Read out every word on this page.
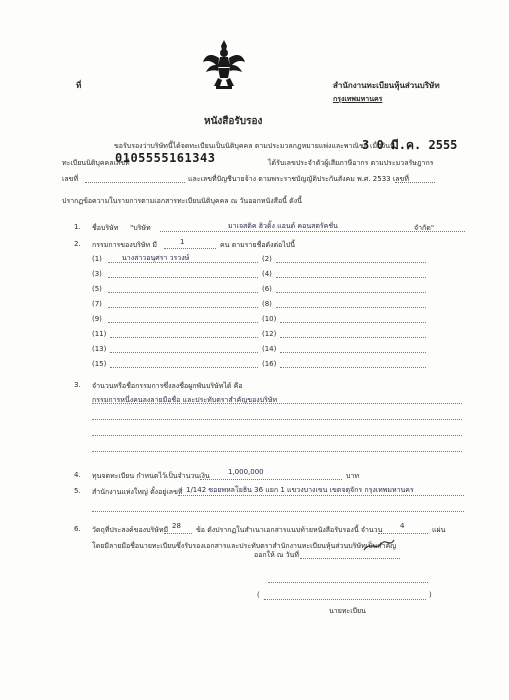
ที่	สำนักงานทะเบียนหุ้นส่วนบริษัท
กรุงเทพมหานคร
หนังสือรับรอง
ขอรับรองว่าบริษัทนี้ได้จดทะเบียนเป็นนิติบุคคล ตามประมวลกฎหมายแพ่งและพาณิชย์ เมื่อวันที่
3 0 มี.ค. 2555
ทะเบียนนิติบุคคลเลขที่
0105555161343	ได้รับเลขประจำตัวผู้เสียภาษีอากร ตามประมวลรัษฎากร
เลขที่	และเลขที่ปัญชีนายจ้าง ตามพระราชบัญญัติประกันสังคม พ.ศ. 2533 เลขที่
ปรากฏข้อความในรายการตามเอกสารทะเบียนนิติบุคคล ณ วันออกหนังสือนี้ ดังนี้
1. ชื่อบริษัท "บริษัท	มาเจสติค ฮิวดิ้ง แอนด์ คอนสตรัคชั่น	จำกัด"
2. กรรมการของบริษัท มี	1	คน ตามรายชื่อดังต่อไปนี้
(1)	นางสาวอนุศรา วรวงษ์	(2)
(3)	(4)
(5)	(6)
(7)	(8)
(9)	(10)
(11)	(12)
(13)	(14)
(15)	(16)
3. จำนวนหรือชื่อกรรมการซึ่งลงชื่อผูกพันบริษัทได้ คือ
กรรมการหนึ่งคนลงลายมือชื่อ และประทับตราสำคัญของบริษัท
4. ทุนจดทะเบียน กำหนดไว้เป็นจำนวนเงิน	1,000,000	บาท
5. สำนักงานแห่งใหญ่ ตั้งอยู่เลขที่ 1/142 ซอยพหลโยธิน 36 แยก 1 แขวงบางเขน เขตจตุจักร กรุงเทพมหานคร
6. วัตถุที่ประสงค์ของบริษัทมี 28 ข้อ ดังปรากฏในสำเนาเอกสารแนบท้ายหนังสือรับรองนี้ จำนวน	4	แผ่น
โดยมีลายมือชื่อนายทะเบียนซึ่งรับรองเอกสารและประทับตราสำนักงานทะเบียนหุ้นส่วนบริษัทเป็นสำคัญ
ออกให้ ณ วันที่
(	)
นายทะเบียน
